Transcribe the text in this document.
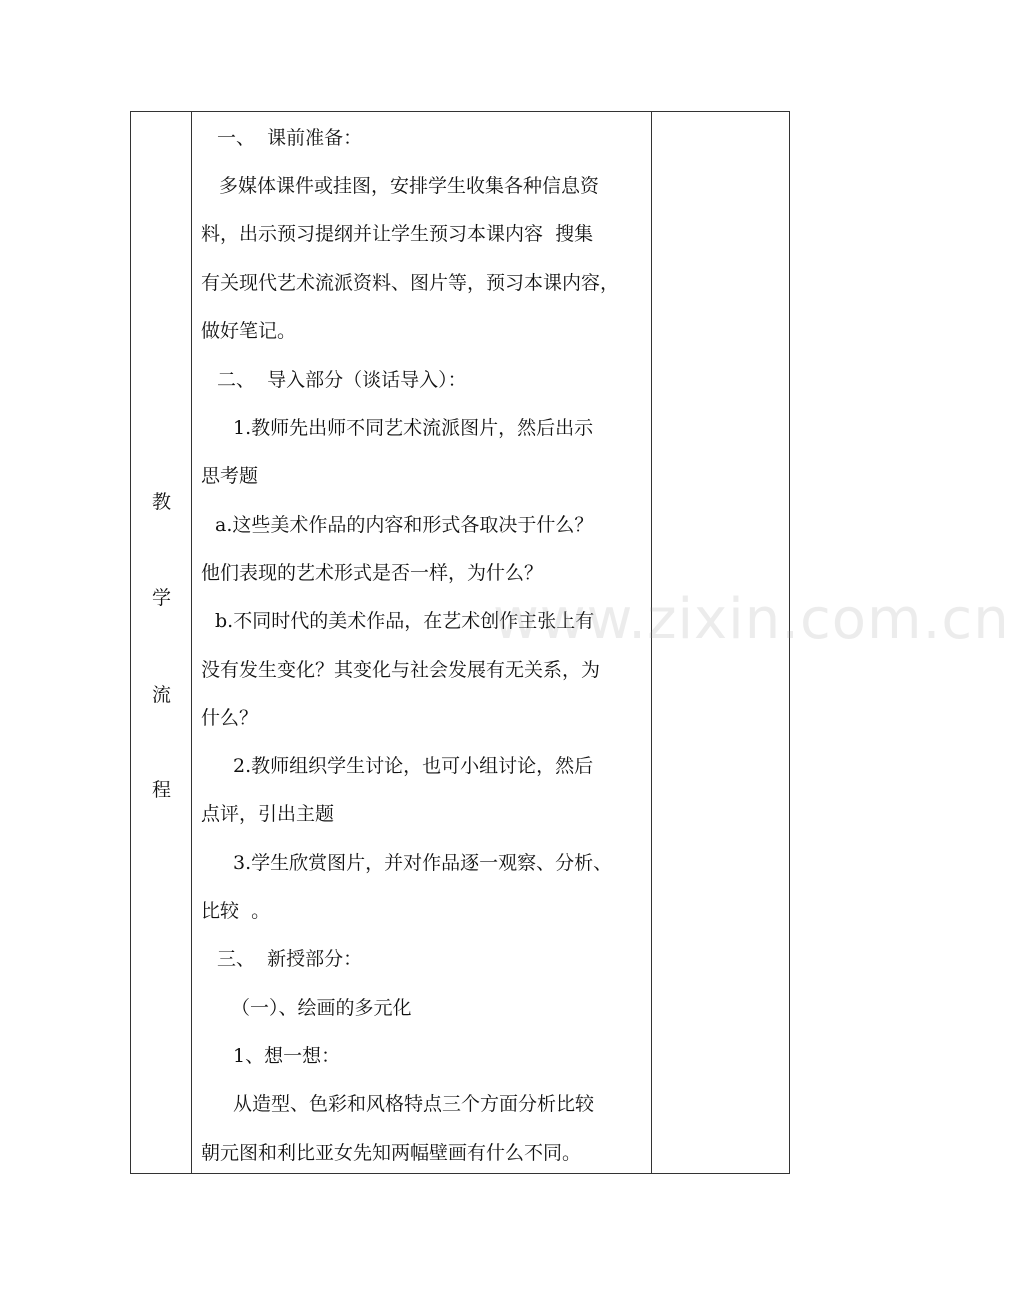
教
学
流
程
一、  课前准备：
多媒体课件或挂图，安排学生收集各种信息资
料，出示预习提纲并让学生预习本课内容  搜集
有关现代艺术流派资料、图片等，预习本课内容，
做好笔记。
二、  导入部分（谈话导入）：
1.教师先出师不同艺术流派图片，然后出示
思考题
a.这些美术作品的内容和形式各取决于什么？
他们表现的艺术形式是否一样，为什么？
b.不同时代的美术作品，在艺术创作主张上有
没有发生变化？其变化与社会发展有无关系，为
什么？
2.教师组织学生讨论，也可小组讨论，然后
点评，引出主题
3.学生欣赏图片，并对作品逐一观察、分析、
比较  。
三、  新授部分：
（一）、绘画的多元化
1、想一想：
从造型、色彩和风格特点三个方面分析比较
朝元图和利比亚女先知两幅壁画有什么不同。
www.zixin.com.cn
